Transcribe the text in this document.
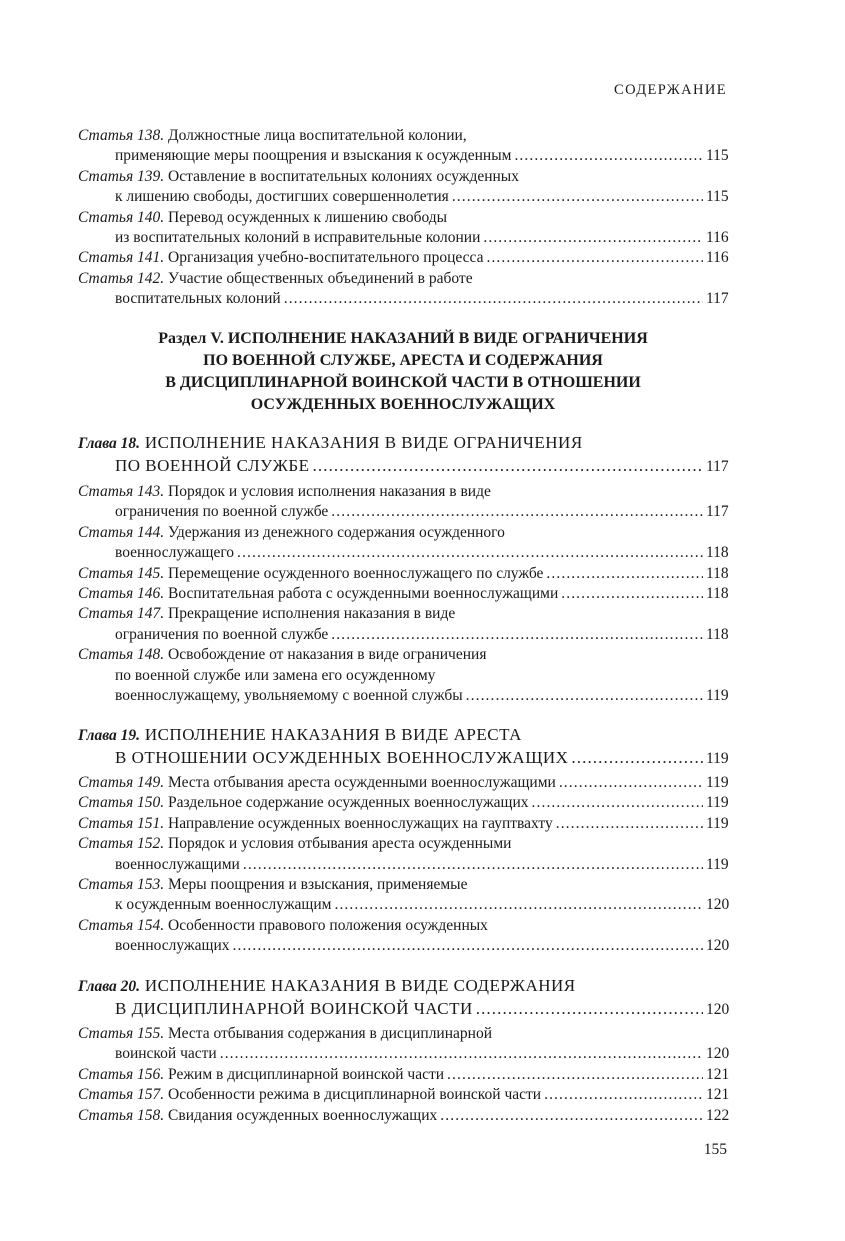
СОДЕРЖАНИЕ
Статья 138. Должностные лица воспитательной колонии,
применяющие меры поощрения и взыскания к осужденным .....	115
Статья 139. Оставление в воспитательных колониях осужденных
к лишению свободы, достигших совершеннолетия .....	115
Статья 140. Перевод осужденных к лишению свободы
из воспитательных колоний в исправительные колонии .....	116
Статья 141. Организация учебно-воспитательного процесса .....	116
Статья 142. Участие общественных объединений в работе
воспитательных колоний .....	117
Раздел V. ИСПОЛНЕНИЕ НАКАЗАНИЙ В ВИДЕ ОГРАНИЧЕНИЯ
ПО ВОЕННОЙ СЛУЖБЕ, АРЕСТА И СОДЕРЖАНИЯ
В ДИСЦИПЛИНАРНОЙ ВОИНСКОЙ ЧАСТИ В ОТНОШЕНИИ
ОСУЖДЕННЫХ ВОЕННОСЛУЖАЩИХ
Глава 18. ИСПОЛНЕНИЕ НАКАЗАНИЯ В ВИДЕ ОГРАНИЧЕНИЯ
ПО ВОЕННОЙ СЛУЖБЕ .....	117
Статья 143. Порядок и условия исполнения наказания в виде
ограничения по военной службе .....	117
Статья 144. Удержания из денежного содержания осужденного
военнослужащего .....	118
Статья 145. Перемещение осужденного военнослужащего по службе .....	118
Статья 146. Воспитательная работа с осужденными военнослужащими .....	118
Статья 147. Прекращение исполнения наказания в виде
ограничения по военной службе .....	118
Статья 148. Освобождение от наказания в виде ограничения
по военной службе или замена его осужденному
военнослужащему, увольняемому с военной службы .....	119
Глава 19. ИСПОЛНЕНИЕ НАКАЗАНИЯ В ВИДЕ АРЕСТА
В ОТНОШЕНИИ ОСУЖДЕННЫХ ВОЕННОСЛУЖАЩИХ .....	119
Статья 149. Места отбывания ареста осужденными военнослужащими .....	119
Статья 150. Раздельное содержание осужденных военнослужащих .....	119
Статья 151. Направление осужденных военнослужащих на гауптвахту .....	119
Статья 152. Порядок и условия отбывания ареста осужденными
военнослужащими .....	119
Статья 153. Меры поощрения и взыскания, применяемые
к осужденным военнослужащим .....	120
Статья 154. Особенности правового положения осужденных
военнослужащих .....	120
Глава 20. ИСПОЛНЕНИЕ НАКАЗАНИЯ В ВИДЕ СОДЕРЖАНИЯ
В ДИСЦИПЛИНАРНОЙ ВОИНСКОЙ ЧАСТИ .....	120
Статья 155. Места отбывания содержания в дисциплинарной
воинской части .....	120
Статья 156. Режим в дисциплинарной воинской части .....	121
Статья 157. Особенности режима в дисциплинарной воинской части .....	121
Статья 158. Свидания осужденных военнослужащих .....	122
155
